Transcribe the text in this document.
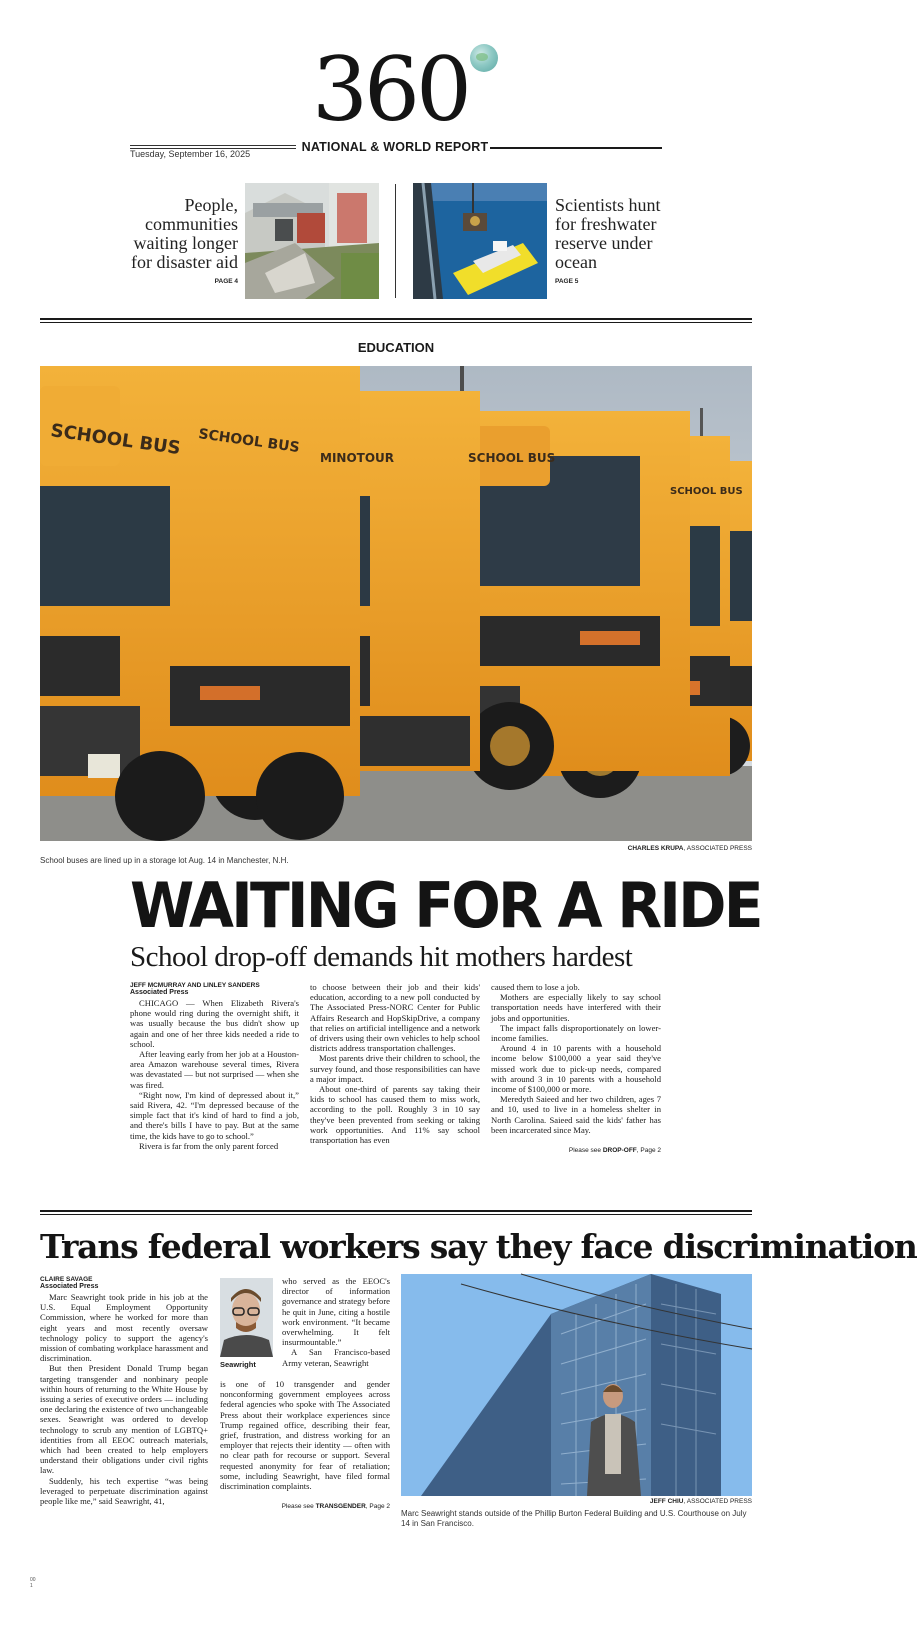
360
Tuesday, September 16, 2025	NATIONAL & WORLD REPORT
People,
communities
waiting longer
for disaster aid
PAGE 4
Scientists hunt
for freshwater
reserve under
ocean
PAGE 5
EDUCATION
SCHOOL BUS SCHOOL BUS
MINOTOUR	SCHOOL BUS
SCHOOL BUS
CHARLES KRUPA, ASSOCIATED PRESS
School buses are lined up in a storage lot Aug. 14 in Manchester, N.H.
WAITING FOR A RIDE
School drop-off demands hit mothers hardest
JEFF MCMURRAY AND LINLEY SANDERS
Associated Press

CHICAGO — When Elizabeth Rivera's phone would ring during the overnight shift, it was usually because the bus didn't show up again and one of her three kids needed a ride to school.

After leaving early from her job at a Houston-area Amazon warehouse several times, Rivera was devastated — but not surprised — when she was fired.

“Right now, I'm kind of depressed about it,” said Rivera, 42. “I'm depressed because of the simple fact that it's kind of hard to find a job, and there's bills I have to pay. But at the same time, the kids have to go to school.”

Rivera is far from the only parent forced

to choose between their job and their kids' education, according to a new poll conducted by The Associated Press-NORC Center for Public Affairs Research and HopSkipDrive, a company that relies on artificial intelligence and a network of drivers using their own vehicles to help school districts address transportation challenges.

Most parents drive their children to school, the survey found, and those responsibilities can have a major impact.

About one-third of parents say taking their kids to school has caused them to miss work, according to the poll. Roughly 3 in 10 say they've been prevented from seeking or taking work opportunities. And 11% say school transportation has even

caused them to lose a job.

Mothers are especially likely to say school transportation needs have interfered with their jobs and opportunities.

The impact falls disproportionately on lower-income families.

Around 4 in 10 parents with a household income below $100,000 a year said they've missed work due to pick-up needs, compared with around 3 in 10 parents with a household income of $100,000 or more.

Meredyth Saieed and her two children, ages 7 and 10, used to live in a homeless shelter in North Carolina. Saieed said the kids' father has been incarcerated since May.

Please see DROP-OFF, Page 2
Trans federal workers say they face discrimination
CLAIRE SAVAGE
Associated Press

Marc Seawright took pride in his job at the U.S. Equal Employment Opportunity Commission, where he worked for more than eight years and most recently oversaw technology policy to support the agency's mission of combating workplace harassment and discrimination.

But then President Donald Trump began targeting transgender and nonbinary people within hours of returning to the White House by issuing a series of executive orders — including one declaring the existence of two unchangeable sexes. Seawright was ordered to develop technology to scrub any mention of LGBTQ+ identities from all EEOC outreach materials, which had been created to help employers understand their obligations under civil rights law.

Suddenly, his tech expertise “was being leveraged to perpetuate discrimination against people like me,” said Seawright, 41,

Seawright

who served as the EEOC's director of information governance and strategy before he quit in June, citing a hostile work environment. “It became overwhelming. It felt insurmountable.”

A San Francisco-based Army veteran, Seawright

is one of 10 transgender and gender nonconforming government employees across federal agencies who spoke with The Associated Press about their workplace experiences since Trump regained office, describing their fear, grief, frustration, and distress working for an employer that rejects their identity — often with no clear path for recourse or support. Several requested anonymity for fear of retaliation; some, including Seawright, have filed formal discrimination complaints.

Please see TRANSGENDER, Page 2
JEFF CHIU, ASSOCIATED PRESS
Marc Seawright stands outside of the Phillip Burton Federal Building and U.S. Courthouse on July 14 in San Francisco.
00
1
